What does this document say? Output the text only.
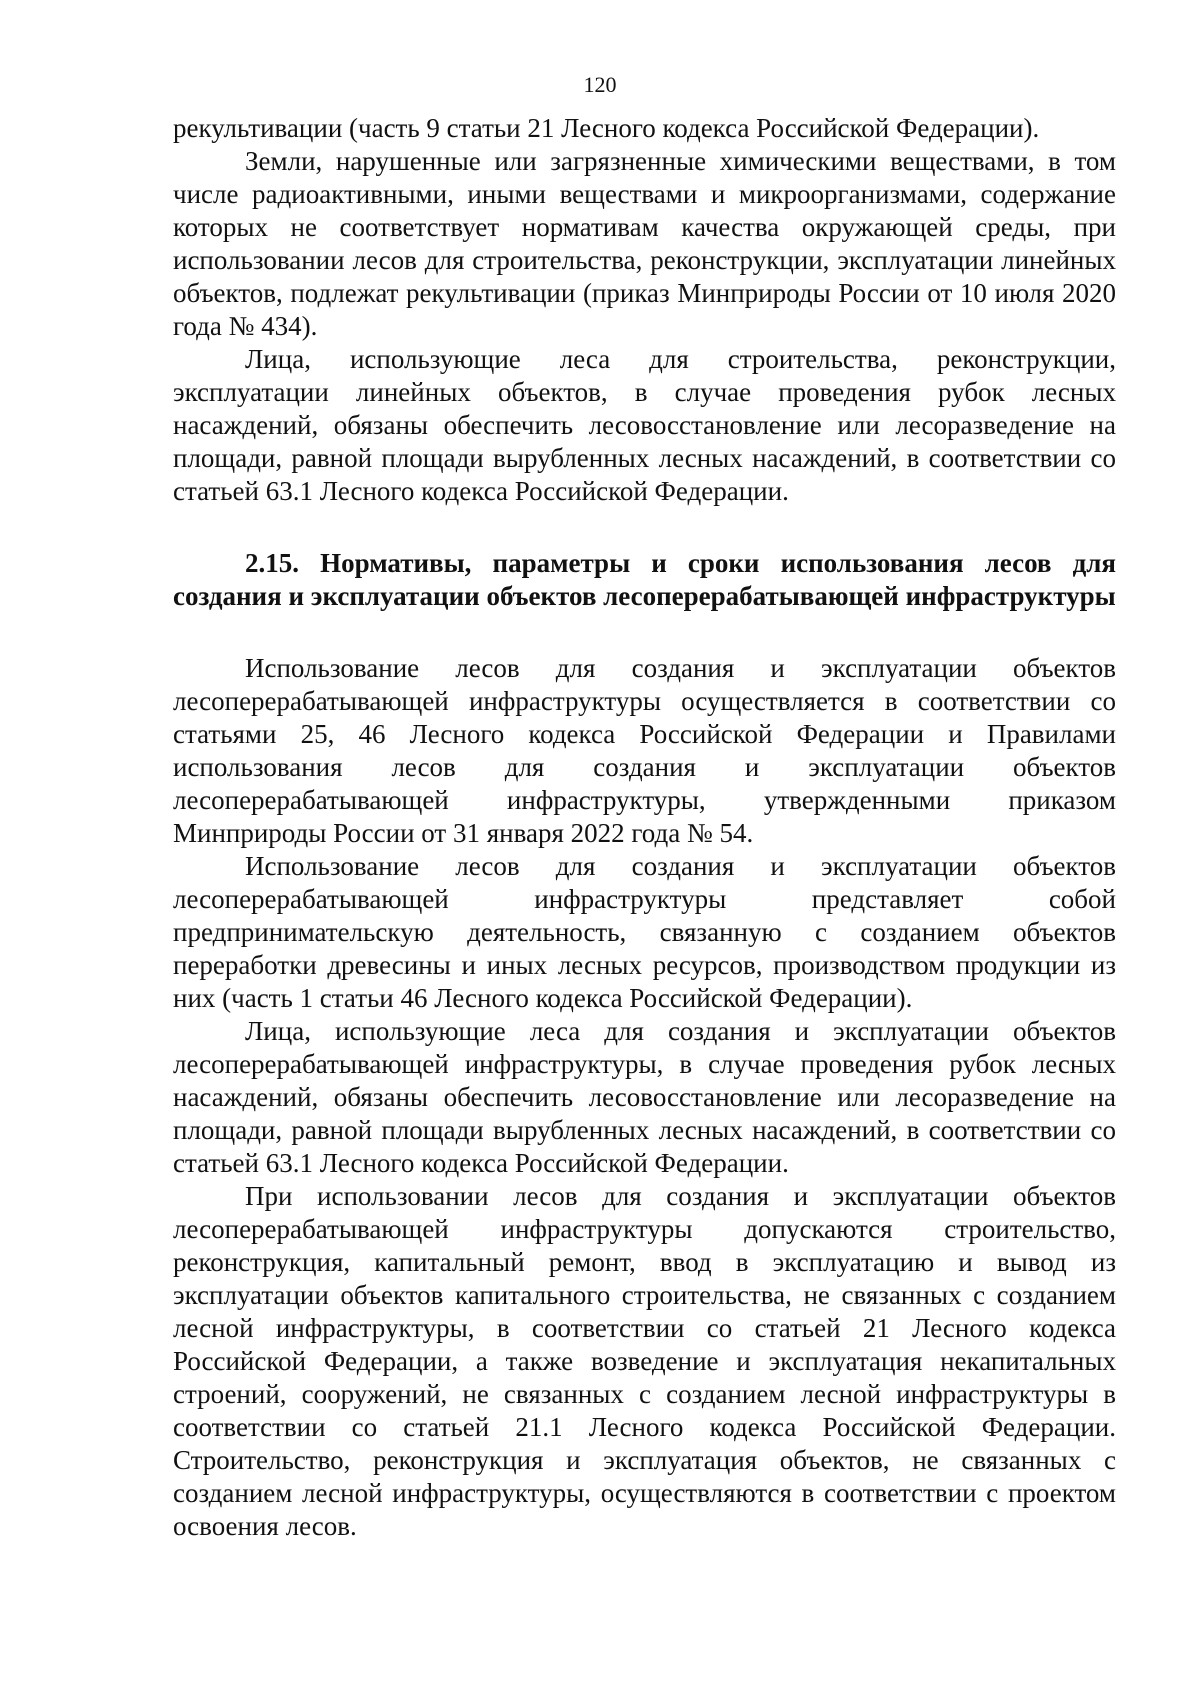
120

рекультивации (часть 9 статьи 21 Лесного кодекса Российской Федерации).

Земли, нарушенные или загрязненные химическими веществами, в том числе радиоактивными, иными веществами и микроорганизмами, содержание которых не соответствует нормативам качества окружающей среды, при использовании лесов для строительства, реконструкции, эксплуатации линейных объектов, подлежат рекультивации (приказ Минприроды России от 10 июля 2020 года № 434).

Лица, использующие леса для строительства, реконструкции, эксплуатации линейных объектов, в случае проведения рубок лесных насаждений, обязаны обеспечить лесовосстановление или лесоразведение на площади, равной площади вырубленных лесных насаждений, в соответствии со статьей 63.1 Лесного кодекса Российской Федерации.

2.15. Нормативы, параметры и сроки использования лесов для создания и эксплуатации объектов лесоперерабатывающей инфраструктуры

Использование лесов для создания и эксплуатации объектов лесоперерабатывающей инфраструктуры осуществляется в соответствии со статьями 25, 46 Лесного кодекса Российской Федерации и Правилами использования лесов для создания и эксплуатации объектов лесоперерабатывающей инфраструктуры, утвержденными приказом Минприроды России от 31 января 2022 года № 54.

Использование лесов для создания и эксплуатации объектов лесоперерабатывающей инфраструктуры представляет собой предпринимательскую деятельность, связанную с созданием объектов переработки древесины и иных лесных ресурсов, производством продукции из них (часть 1 статьи 46 Лесного кодекса Российской Федерации).

Лица, использующие леса для создания и эксплуатации объектов лесоперерабатывающей инфраструктуры, в случае проведения рубок лесных насаждений, обязаны обеспечить лесовосстановление или лесоразведение на площади, равной площади вырубленных лесных насаждений, в соответствии со статьей 63.1 Лесного кодекса Российской Федерации.

При использовании лесов для создания и эксплуатации объектов лесоперерабатывающей инфраструктуры допускаются строительство, реконструкция, капитальный ремонт, ввод в эксплуатацию и вывод из эксплуатации объектов капитального строительства, не связанных с созданием лесной инфраструктуры, в соответствии со статьей 21 Лесного кодекса Российской Федерации, а также возведение и эксплуатация некапитальных строений, сооружений, не связанных с созданием лесной инфраструктуры в соответствии со статьей 21.1 Лесного кодекса Российской Федерации. Строительство, реконструкция и эксплуатация объектов, не связанных с созданием лесной инфраструктуры, осуществляются в соответствии с проектом освоения лесов.
